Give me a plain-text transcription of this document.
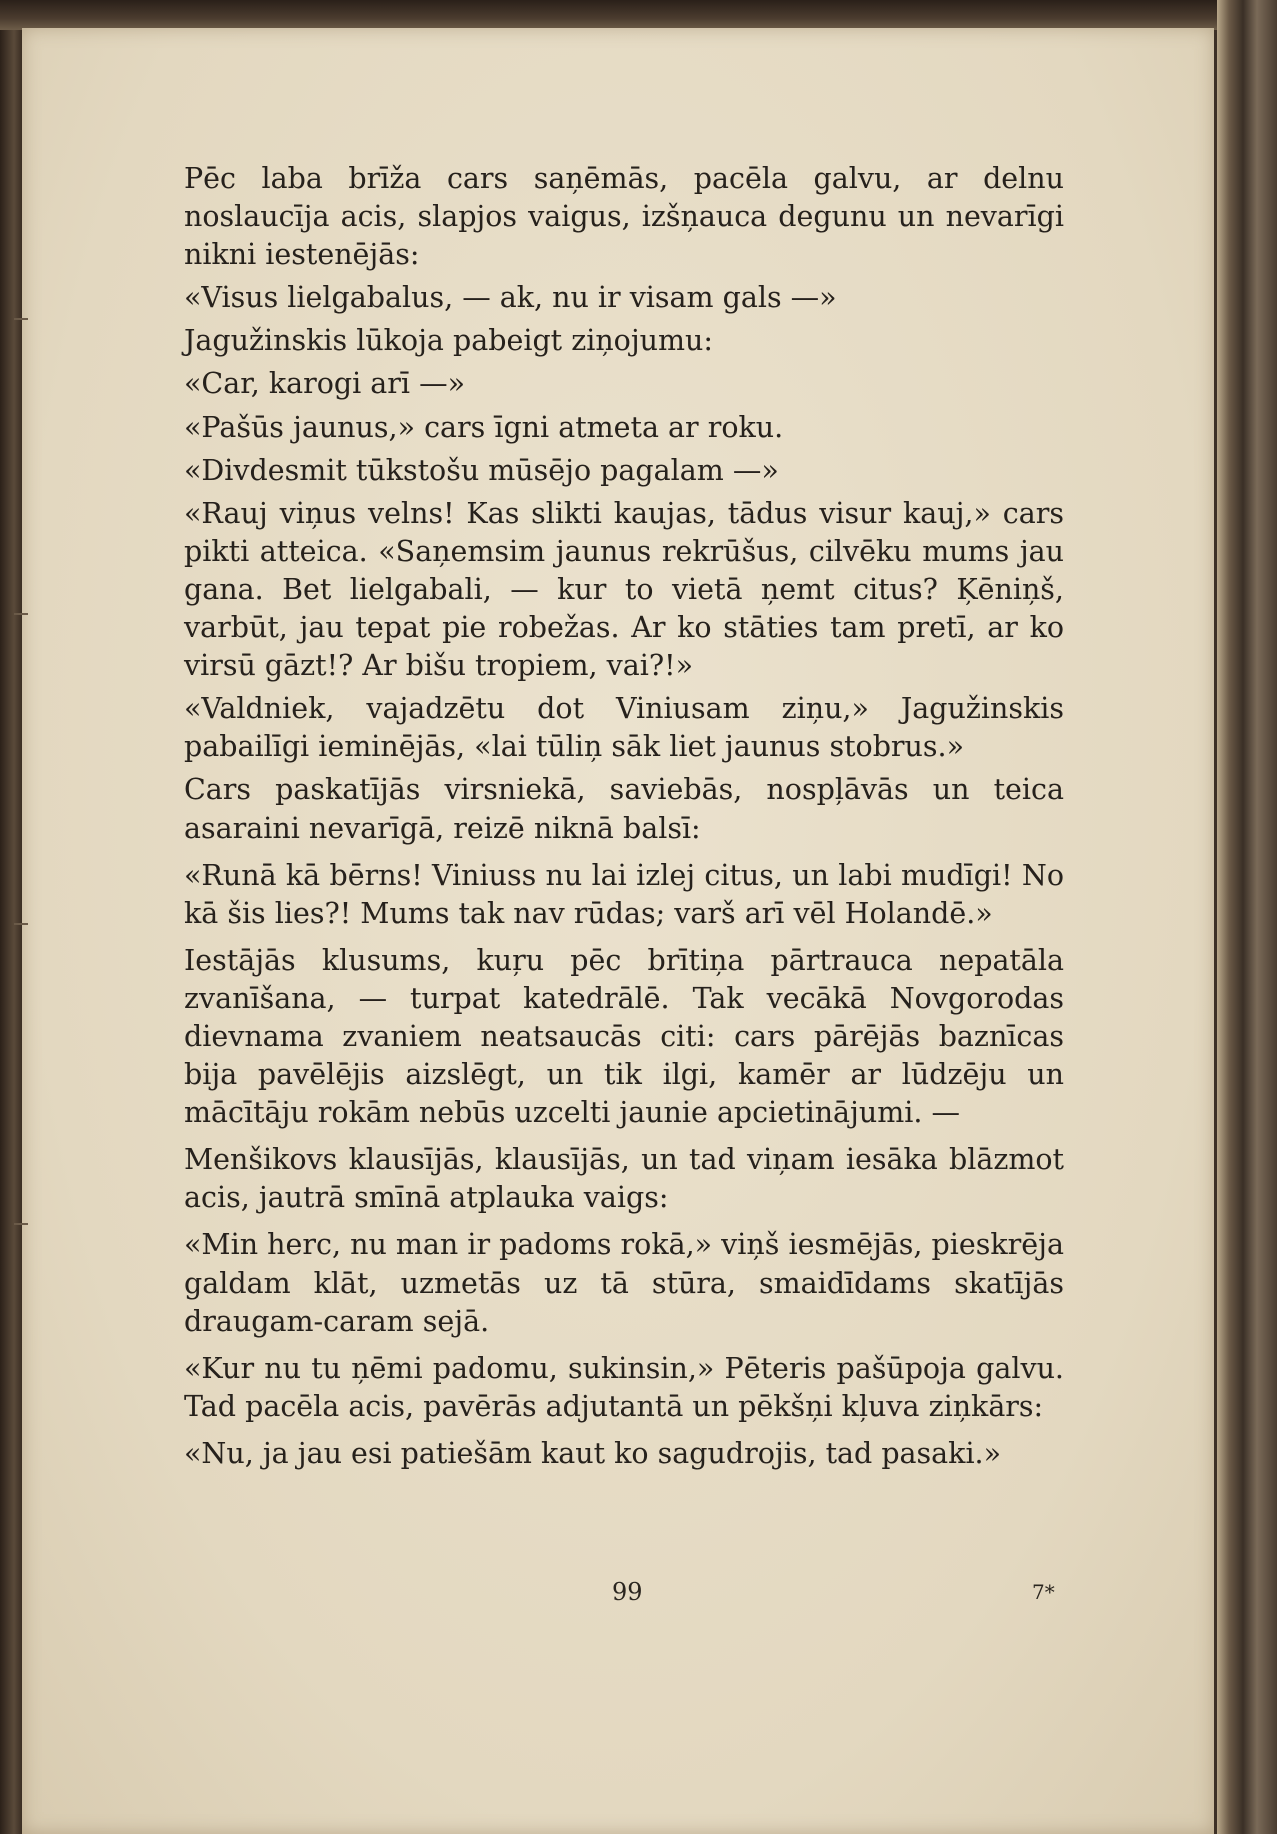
99	7*

Pēc laba brīža cars saņēmās, pacēla galvu, ar delnu noslaucīja acis, slapjos vaigus, izšņauca degunu un nevarīgi nikni iestenējās:

«Visus lielgabalus, — ak, nu ir visam gals —»

Jagužinskis lūkoja pabeigt ziņojumu:

«Car, karogi arī —»

«Pašūs jaunus,» cars īgni atmeta ar roku.

«Divdesmit tūkstošu mūsējo pagalam —»

«Rauj viņus velns! Kas slikti kaujas, tādus visur kauj,» cars pikti atteica. «Saņemsim jaunus rekrūšus, cilvēku mums jau gana. Bet lielgabali, — kur to vietā ņemt citus? Ķēniņš, varbūt, jau tepat pie robežas. Ar ko stāties tam pretī, ar ko virsū gāzt!? Ar bišu tropiem, vai?!»

«Valdniek, vajadzētu dot Viniusam ziņu,» Jagužinskis pabailīgi ieminējās, «lai tūliņ sāk liet jaunus stobrus.»

Cars paskatījās virsniekā, saviebās, nospļāvās un teica asaraini nevarīgā, reizē niknā balsī:

«Runā kā bērns! Viniuss nu lai izlej citus, un labi mudīgi! No kā šis lies?! Mums tak nav rūdas; varš arī vēl Holandē.»

Iestājās klusums, kuŗu pēc brītiņa pārtrauca nepatāla zvanīšana, — turpat katedrālē. Tak vecākā Novgorodas dievnama zvaniem neatsaucās citi: cars pārējās baznīcas bija pavēlējis aizslēgt, un tik ilgi, kamēr ar lūdzēju un mācītāju rokām nebūs uzcelti jaunie apcietinājumi. —

Menšikovs klausījās, klausījās, un tad viņam iesāka blāzmot acis, jautrā smīnā atplauka vaigs:

«Min herc, nu man ir padoms rokā,» viņš iesmējās, pieskrēja galdam klāt, uzmetās uz tā stūra, smaidīdams skatījās draugam-caram sejā.

«Kur nu tu ņēmi padomu, sukinsin,» Pēteris pašūpoja galvu. Tad pacēla acis, pavērās adjutantā un pēkšņi kļuva ziņkārs:

«Nu, ja jau esi patiešām kaut ko sagudrojis, tad pasaki.»
